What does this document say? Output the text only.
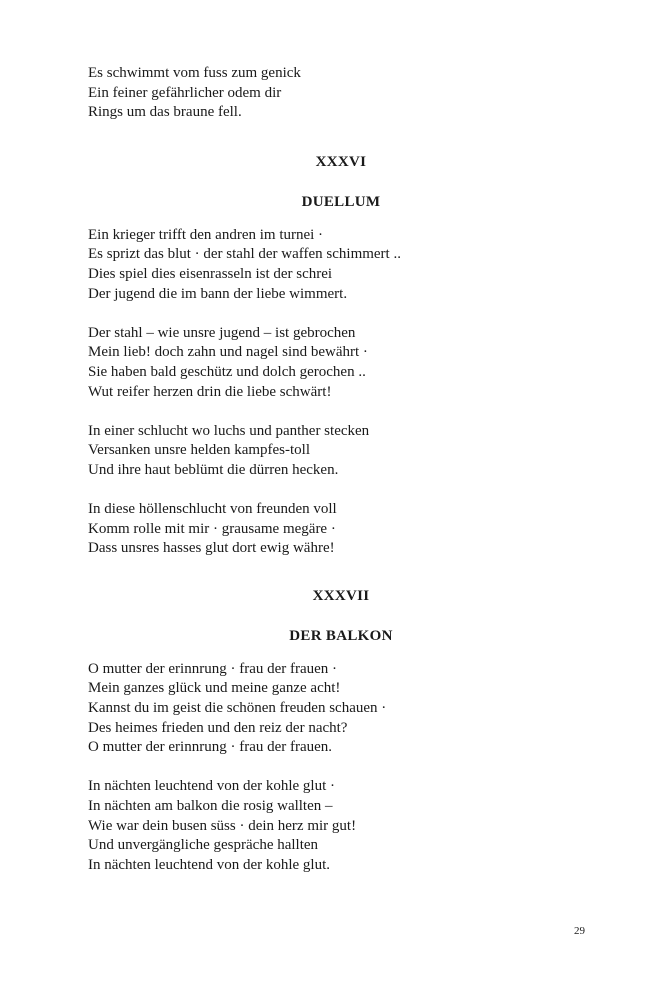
Es schwimmt vom fuss zum genick
Ein feiner gefährlicher odem dir
Rings um das braune fell.
XXXVI
DUELLUM
Ein krieger trifft den andren im turnei ·
Es sprizt das blut · der stahl der waffen schimmert ..
Dies spiel dies eisenrasseln ist der schrei
Der jugend die im bann der liebe wimmert.
Der stahl – wie unsre jugend – ist gebrochen
Mein lieb! doch zahn und nagel sind bewährt ·
Sie haben bald geschütz und dolch gerochen ..
Wut reifer herzen drin die liebe schwärt!
In einer schlucht wo luchs und panther stecken
Versanken unsre helden kampfes-toll
Und ihre haut beblümt die dürren hecken.
In diese höllenschlucht von freunden voll
Komm rolle mit mir · grausame megäre ·
Dass unsres hasses glut dort ewig währe!
XXXVII
DER BALKON
O mutter der erinnrung · frau der frauen ·
Mein ganzes glück und meine ganze acht!
Kannst du im geist die schönen freuden schauen ·
Des heimes frieden und den reiz der nacht?
O mutter der erinnrung · frau der frauen.
In nächten leuchtend von der kohle glut ·
In nächten am balkon die rosig wallten –
Wie war dein busen süss · dein herz mir gut!
Und unvergängliche gespräche hallten
In nächten leuchtend von der kohle glut.
29
